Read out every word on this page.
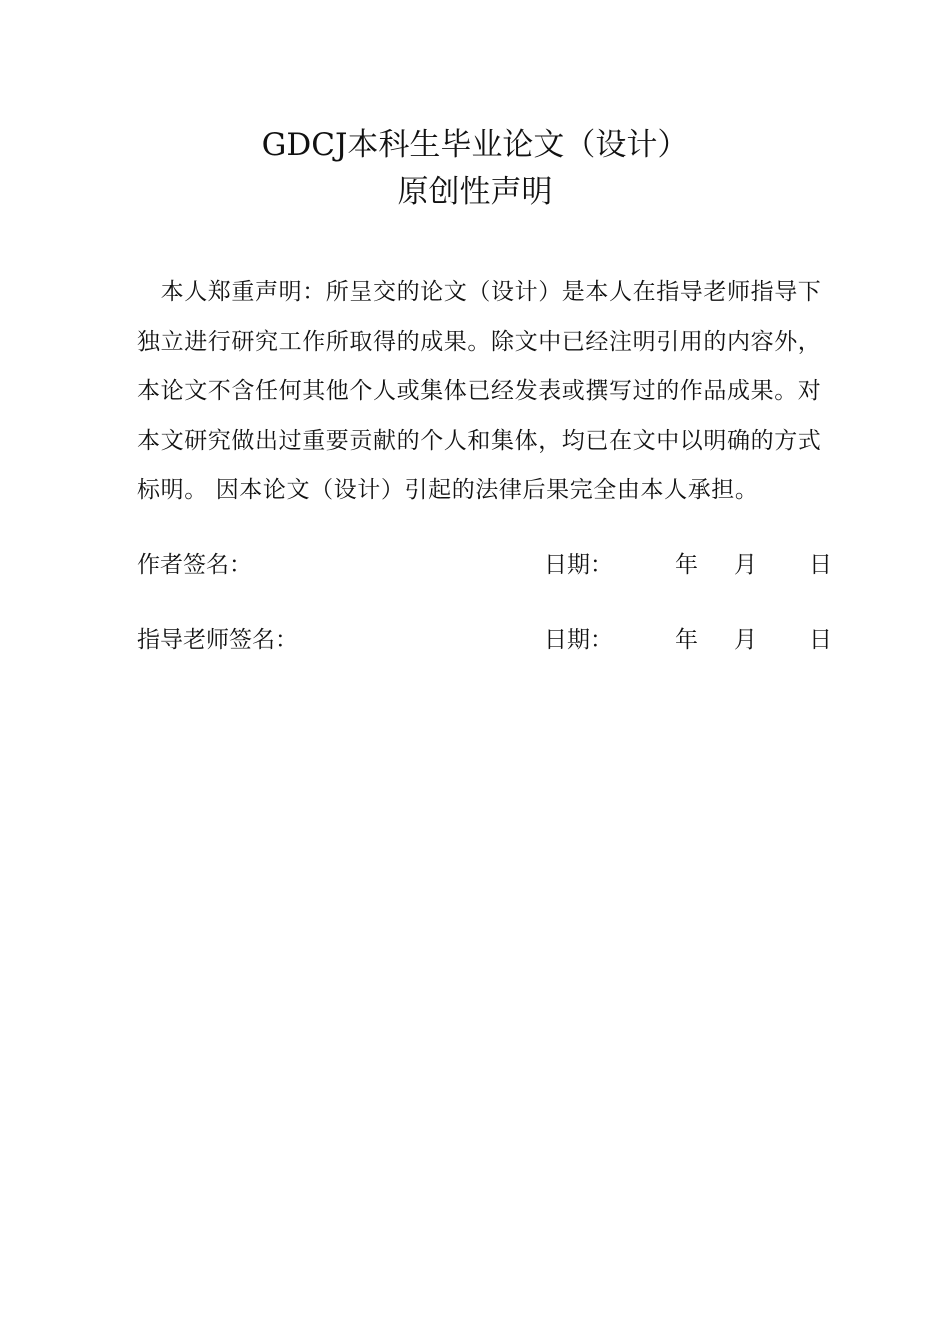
GDCJ本科生毕业论文（设计）
原创性声明
　本人郑重声明：所呈交的论文（设计）是本人在指导老师指导下
独立进行研究工作所取得的成果。除文中已经注明引用的内容外，
本论文不含任何其他个人或集体已经发表或撰写过的作品成果。对
本文研究做出过重要贡献的个人和集体，均已在文中以明确的方式
标明。 因本论文（设计）引起的法律后果完全由本人承担。
作者签名：	日期：	年 月 日
指导老师签名：	日期：	年 月 日
